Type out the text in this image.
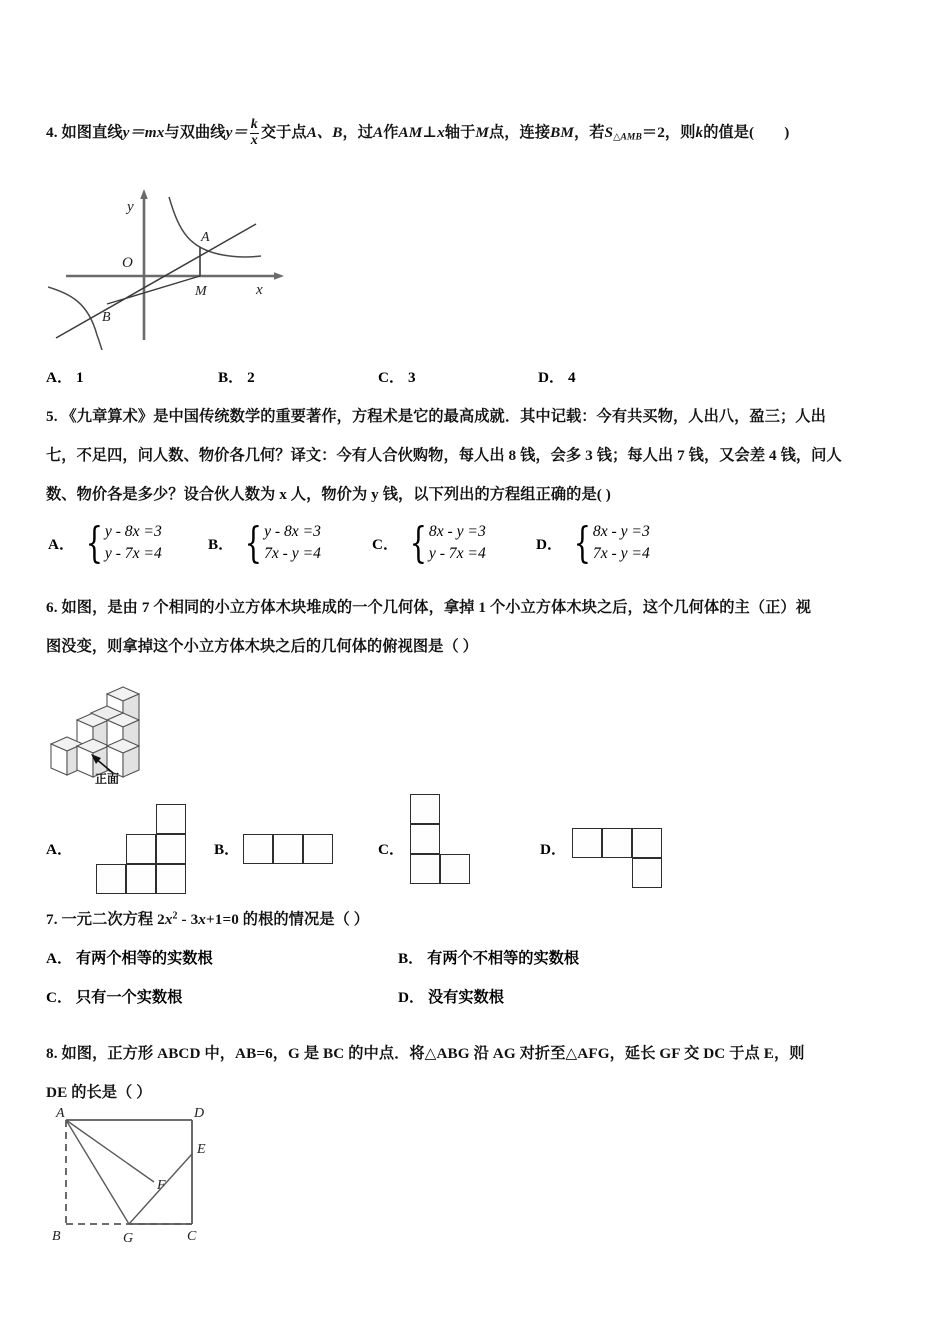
4. 如图直线y＝mx与双曲线$y= \frac{k}{x}$ 交于点A、B，过A作AM⊥x轴于M点，连接BM，若$S_{\triangle AMB}=2$，则k的值是( )
y
x
O
A
M
B
A． 1	B． 2	C． 3	D． 4
5. 《九章算术》是中国传统数学的重要著作，方程术是它的最高成就．其中记载：今有共买物，人出八，盈三；人出
七，不足四，问人数、物价各几何？译文：今有人合伙购物，每人出 8 钱，会多 3 钱；每人出 7 钱，又会差 4 钱，问人
数、物价各是多少？设合伙人数为 x 人，物价为 y 钱，以下列出的方程组正确的是( )
A． { y - 8x =3
y - 7x =4
B． { y - 8x =3
7x - y =4
C． { 8x - y =3
y - 7x =4
D． { 8x - y =3
7x - y =4
6. 如图，是由 7 个相同的小立方体木块堆成的一个几何体，拿掉 1 个小立方体木块之后，这个几何体的主（正）视
图没变，则拿掉这个小立方体木块之后的几何体的俯视图是（ ）
正面
A．	B．	C．	D．
7. 一元二次方程 $2x^2 - 3x+1=0$ 的根的情况是（ ）
A． 有两个相等的实数根	B． 有两个不相等的实数根
C． 只有一个实数根	D． 没有实数根
8. 如图，正方形 ABCD 中，AB=6，G 是 BC 的中点．将△ABG 沿 AG 对折至△AFG，延长 GF 交 DC 于点 E，则
DE 的长是（ ）
A	D
E
F
B	G	C
